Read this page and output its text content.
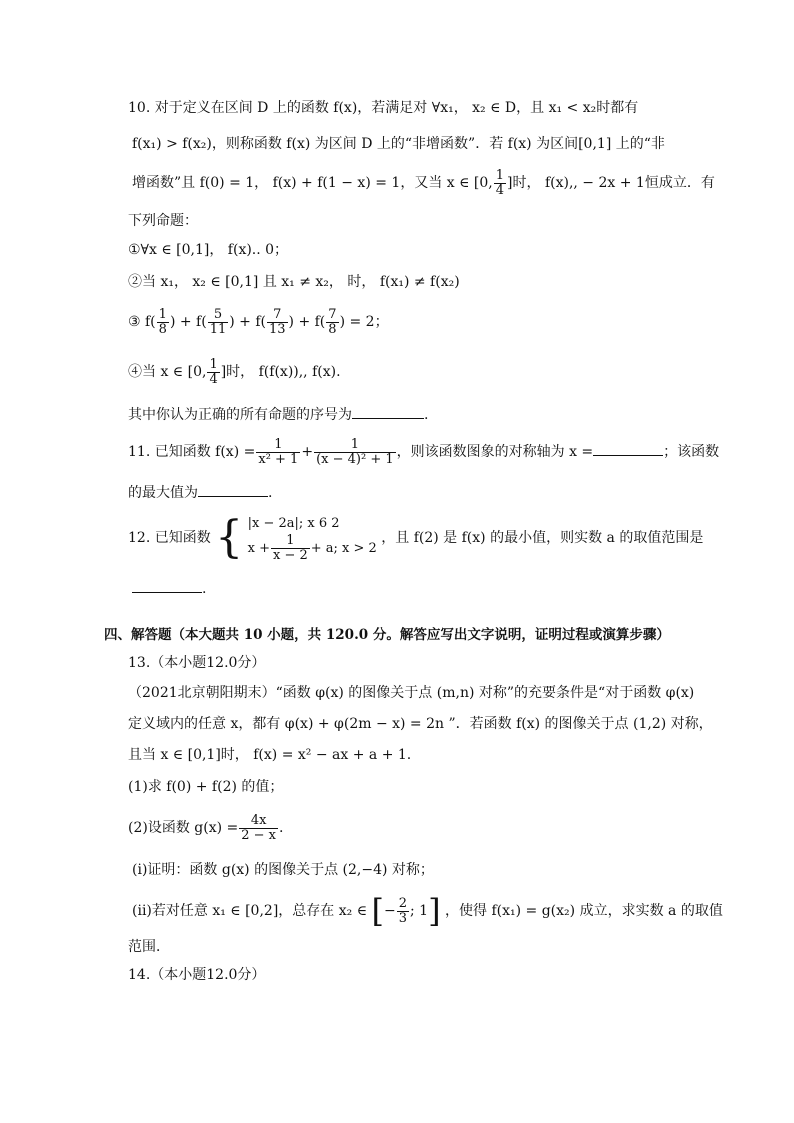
10. 对于定义在区间 D 上的函数 f(x)，若满足对 ∀x₁， x₂ ∈ D，且 x₁ < x₂时都有
f(x₁) > f(x₂)，则称函数 f(x) 为区间 D 上的“非增函数”．若 f(x) 为区间[0,1] 上的“非
增函数”且 f(0) = 1， f(x) + f(1 − x) = 1，又当 x ∈ [0, $\frac{1}{4}$ ]时， f(x),, − 2x + 1恒成立．有
下列命题：
①∀x ∈ [0,1]， f(x).. 0；
②当 x₁， x₂ ∈ [0,1] 且 x₁ ≠ x₂， 时， f(x₁) ≠ f(x₂)
③ $f( \frac{1}{8}$ ) + $f( \frac{5}{11}$ ) + $f( \frac{7}{13}$ ) + $f( \frac{7}{8}$ ) = 2；
④当 x ∈ [0, $\frac{1}{4}$ ]时， f(f(x)),, f(x).
其中你认为正确的所有命题的序号为	.
11. 已知函数 $f(x) = \frac{1}{\text{x² + 1}} + \frac{1}{\text{(x − 4)² + 1}}$ ，则该函数图象的对称轴为 x =	；该函数
的最大值为	.
12. 已知函数 { |x − 2a|; x 6 2
$x + \frac{1}{x - 2} + a$; x > 2
，且 f(2) 是 f(x) 的最小值，则实数 a 的取值范围是
.
四、解答题（本大题共 10 小题，共 120.0 分。解答应写出文字说明，证明过程或演算步骤）
13.（本小题12.0分）
（2021北京朝阳期末）“函数 φ(x) 的图像关于点 (m,n) 对称”的充要条件是“对于函数 φ(x)
定义域内的任意 x，都有 φ(x) + φ(2m − x) = 2n ”．若函数 f(x) 的图像关于点 (1,2) 对称，
且当 x ∈ [0,1]时， f(x) = x² − ax + a + 1.
(1)求 f(0) + f(2) 的值；
(2)设函数 $g(x) = \frac{4x}{2 - x}$ .
(i)证明：函数 g(x) 的图像关于点 (2,−4) 对称；
(ii)若对任意 x₁ ∈ [0,2]，总存在 x₂ ∈ [− $\frac{2}{3}$ ; 1] ，使得 f(x₁) = g(x₂) 成立，求实数 a 的取值
范围．
14.（本小题12.0分）
